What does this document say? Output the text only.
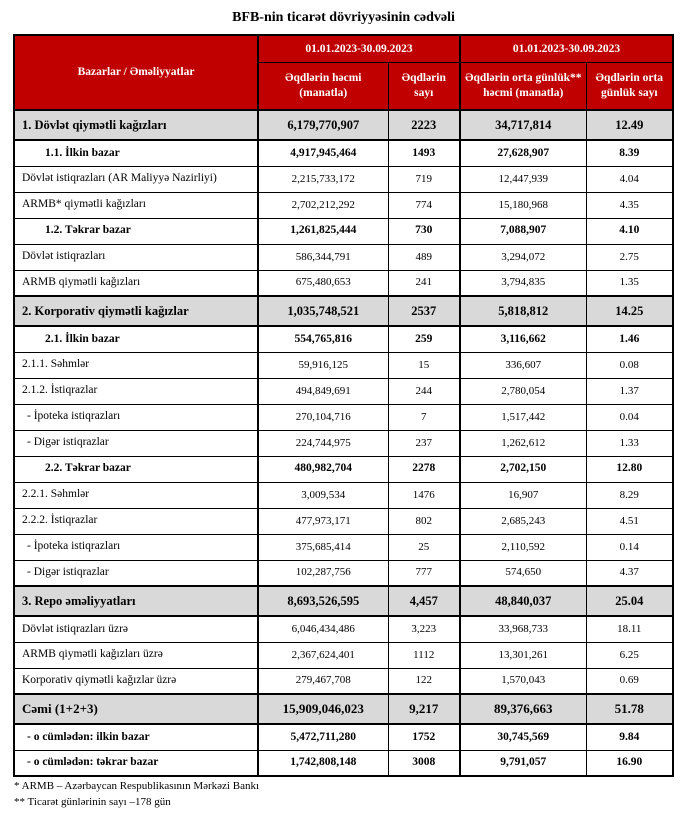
BFB-nin ticarət dövriyyəsinin cədvəli
Bazarlar / Əməliyyatlar	01.01.2023-30.09.2023		01.01.2023-30.09.2023	
	Əqdlərin həcmi (manatla)	Əqdlərin sayı	Əqdlərin orta günlük** həcmi (manatla)	Əqdlərin orta günlük sayı
1. Dövlət qiymətli kağızları	6,179,770,907	2223	34,717,814	12.49
1.1. İlkin bazar	4,917,945,464	1493	27,628,907	8.39
Dövlət istiqrazları (AR Maliyyə Nazirliyi)	2,215,733,172	719	12,447,939	4.04
ARMB* qiymətli kağızları	2,702,212,292	774	15,180,968	4.35
1.2. Təkrar bazar	1,261,825,444	730	7,088,907	4.10
Dövlət istiqrazları	586,344,791	489	3,294,072	2.75
ARMB qiymətli kağızları	675,480,653	241	3,794,835	1.35
2. Korporativ qiymətli kağızlar	1,035,748,521	2537	5,818,812	14.25
2.1. İlkin bazar	554,765,816	259	3,116,662	1.46
2.1.1. Səhmlər	59,916,125	15	336,607	0.08
2.1.2. İstiqrazlar	494,849,691	244	2,780,054	1.37
- İpoteka istiqrazları	270,104,716	7	1,517,442	0.04
- Digər istiqrazlar	224,744,975	237	1,262,612	1.33
2.2. Təkrar bazar	480,982,704	2278	2,702,150	12.80
2.2.1. Səhmlər	3,009,534	1476	16,907	8.29
2.2.2. İstiqrazlar	477,973,171	802	2,685,243	4.51
- İpoteka istiqrazları	375,685,414	25	2,110,592	0.14
- Digər istiqrazlar	102,287,756	777	574,650	4.37
3. Repo əməliyyatları	8,693,526,595	4,457	48,840,037	25.04
Dövlət istiqrazları üzrə	6,046,434,486	3,223	33,968,733	18.11
ARMB qiymətli kağızları üzrə	2,367,624,401	1112	13,301,261	6.25
Korporativ qiymətli kağızlar üzrə	279,467,708	122	1,570,043	0.69
Cəmi (1+2+3)	15,909,046,023	9,217	89,376,663	51.78
- o cümlədən: ilkin bazar	5,472,711,280	1752	30,745,569	9.84
- o cümlədən: təkrar bazar	1,742,808,148	3008	9,791,057	16.90
* ARMB – Azərbaycan Respublikasının Mərkəzi Bankı
** Ticarət günlərinin sayı –178 gün
